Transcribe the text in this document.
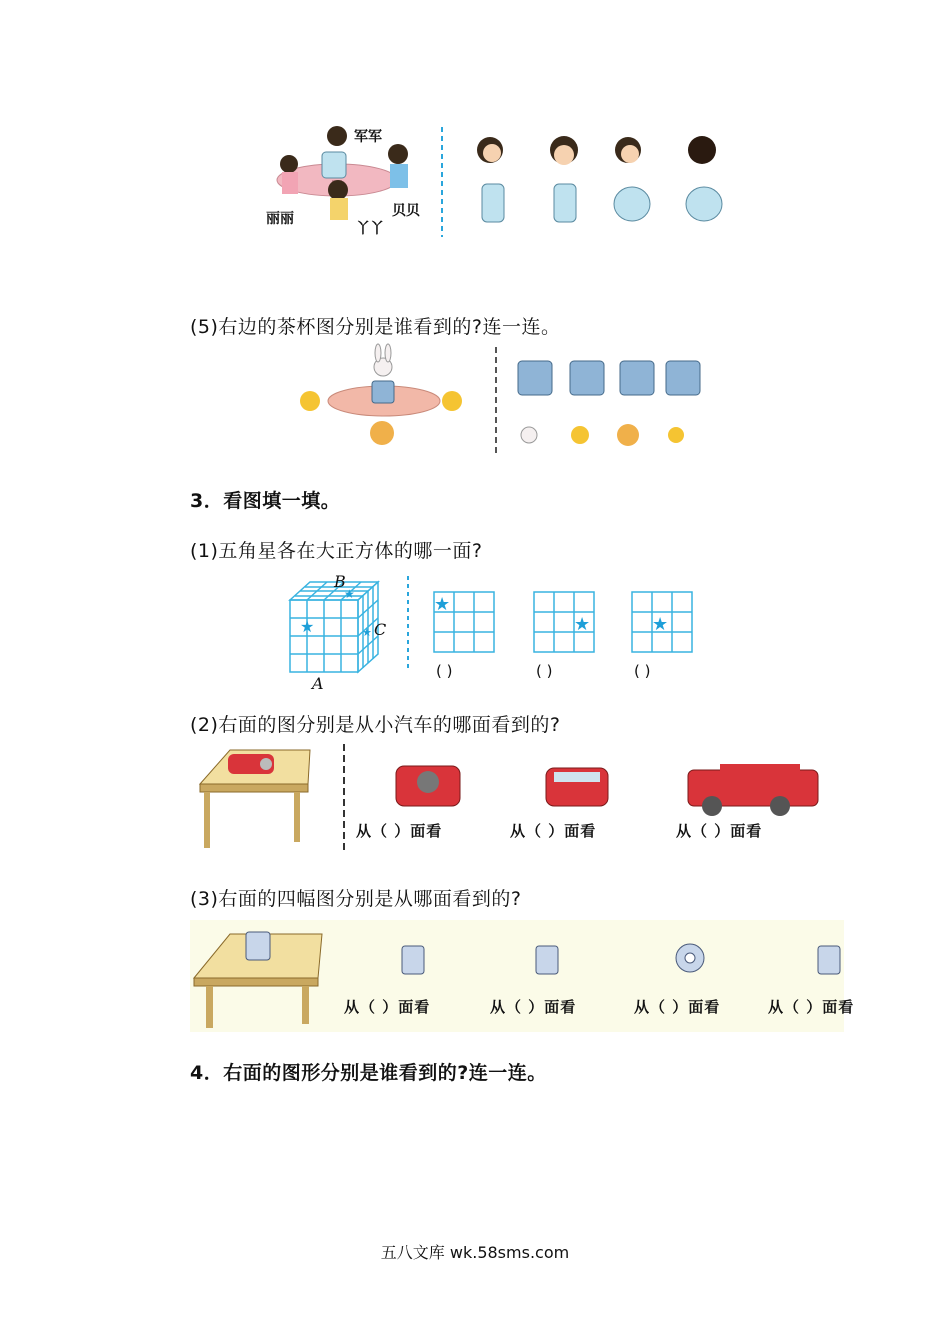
军军
丽丽	贝贝
丫丫
(5)右边的茶杯图分别是谁看到的?连一连。
3．看图填一填。
(1)五角星各在大正方体的哪一面?
★
★
★
★
★	★
B
C
A
( )	( )	( )
(2)右面的图分别是从小汽车的哪面看到的?
从（ ）面看	从（ ）面看	从（ ）面看
(3)右面的四幅图分别是从哪面看到的?
从（ ）面看	从（ ）面看	从（ ）面看	从（ ）面看
4．右面的图形分别是谁看到的?连一连。
五八文库 wk.58sms.com
